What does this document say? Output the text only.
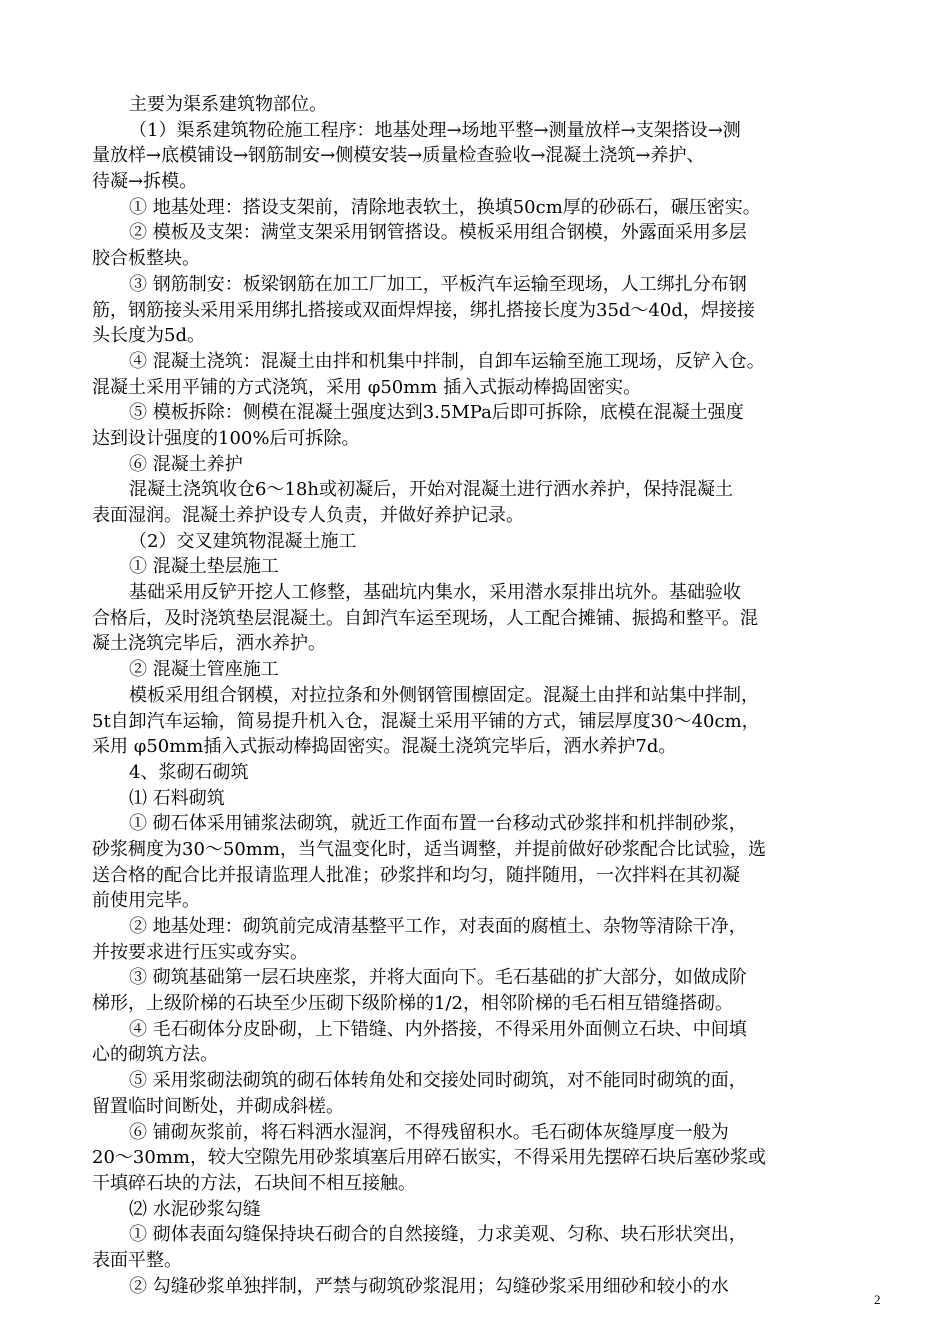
主要为渠系建筑物部位。
（1）渠系建筑物砼施工程序：地基处理→场地平整→测量放样→支架搭设→测
量放样→底模铺设→钢筋制安→侧模安装→质量检查验收→混凝土浇筑→养护、
待凝→拆模。
① 地基处理：搭设支架前，清除地表软土，换填50cm厚的砂砾石，碾压密实。
② 模板及支架：满堂支架采用钢管搭设。模板采用组合钢模，外露面采用多层
胶合板整块。
③ 钢筋制安：板梁钢筋在加工厂加工，平板汽车运输至现场，人工绑扎分布钢
筋，钢筋接头采用采用绑扎搭接或双面焊焊接，绑扎搭接长度为35d～40d，焊接接
头长度为5d。
④ 混凝土浇筑：混凝土由拌和机集中拌制，自卸车运输至施工现场，反铲入仓。
混凝土采用平铺的方式浇筑，采用 φ50mm 插入式振动棒捣固密实。
⑤ 模板拆除：侧模在混凝土强度达到3.5MPa后即可拆除，底模在混凝土强度
达到设计强度的100%后可拆除。
⑥ 混凝土养护
混凝土浇筑收仓6～18h或初凝后，开始对混凝土进行洒水养护，保持混凝土
表面湿润。混凝土养护设专人负责，并做好养护记录。
（2）交叉建筑物混凝土施工
① 混凝土垫层施工
基础采用反铲开挖人工修整，基础坑内集水，采用潜水泵排出坑外。基础验收
合格后，及时浇筑垫层混凝土。自卸汽车运至现场，人工配合摊铺、振捣和整平。混
凝土浇筑完毕后，洒水养护。
② 混凝土管座施工
模板采用组合钢模，对拉拉条和外侧钢管围檩固定。混凝土由拌和站集中拌制，
5t自卸汽车运输，简易提升机入仓，混凝土采用平铺的方式，铺层厚度30～40cm，
采用 φ50mm插入式振动棒捣固密实。混凝土浇筑完毕后，洒水养护7d。
4、浆砌石砌筑
⑴ 石料砌筑
① 砌石体采用铺浆法砌筑，就近工作面布置一台移动式砂浆拌和机拌制砂浆，
砂浆稠度为30～50mm，当气温变化时，适当调整，并提前做好砂浆配合比试验，选
送合格的配合比并报请监理人批准；砂浆拌和均匀，随拌随用，一次拌料在其初凝
前使用完毕。
② 地基处理：砌筑前完成清基整平工作，对表面的腐植土、杂物等清除干净，
并按要求进行压实或夯实。
③ 砌筑基础第一层石块座浆，并将大面向下。毛石基础的扩大部分，如做成阶
梯形，上级阶梯的石块至少压砌下级阶梯的1/2，相邻阶梯的毛石相互错缝搭砌。
④ 毛石砌体分皮卧砌，上下错缝、内外搭接，不得采用外面侧立石块、中间填
心的砌筑方法。
⑤ 采用浆砌法砌筑的砌石体转角处和交接处同时砌筑，对不能同时砌筑的面，
留置临时间断处，并砌成斜槎。
⑥ 铺砌灰浆前，将石料洒水湿润，不得残留积水。毛石砌体灰缝厚度一般为
20～30mm，较大空隙先用砂浆填塞后用碎石嵌实，不得采用先摆碎石块后塞砂浆或
干填碎石块的方法，石块间不相互接触。
⑵ 水泥砂浆勾缝
① 砌体表面勾缝保持块石砌合的自然接缝，力求美观、匀称、块石形状突出，
表面平整。
② 勾缝砂浆单独拌制，严禁与砌筑砂浆混用；勾缝砂浆采用细砂和较小的水
2
